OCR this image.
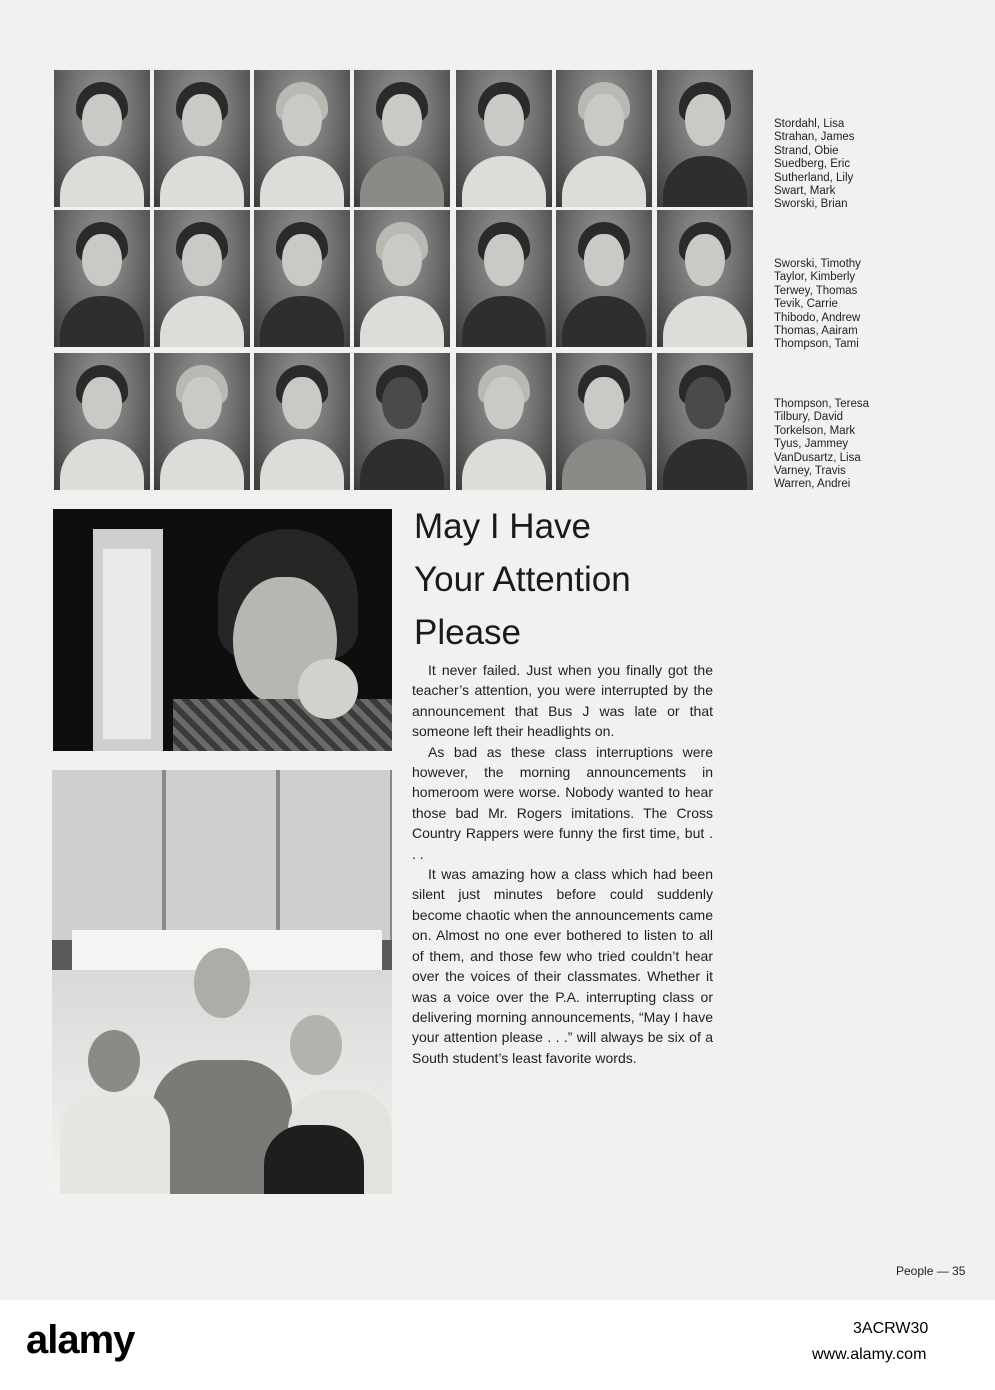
Stordahl, Lisa
Strahan, James
Strand, Obie
Suedberg, Eric
Sutherland, Lily
Swart, Mark
Sworski, Brian
Sworski, Timothy
Taylor, Kimberly
Terwey, Thomas
Tevik, Carrie
Thibodo, Andrew
Thomas, Aairam
Thompson, Tami
Thompson, Teresa
Tilbury, David
Torkelson, Mark
Tyus, Jammey
VanDusartz, Lisa
Varney, Travis
Warren, Andrei
May I Have
Your Attention
Please

It never failed. Just when you finally got the teacher’s attention, you were interrupted by the announcement that Bus J was late or that someone left their headlights on.

As bad as these class interruptions were however, the morning announcements in homeroom were worse. Nobody wanted to hear those bad Mr. Rogers imitations. The Cross Country Rappers were funny the first time, but . . .

It was amazing how a class which had been silent just minutes before could suddenly become chaotic when the announcements came on. Almost no one ever bothered to listen to all of them, and those few who tried couldn’t hear over the voices of their classmates. Whether it was a voice over the P.A. interrupting class or delivering morning announcements, “May I have your attention please . . .” will always be six of a South student’s least favorite words.

People — 35
alamy	3ACRW30
www.alamy.com
